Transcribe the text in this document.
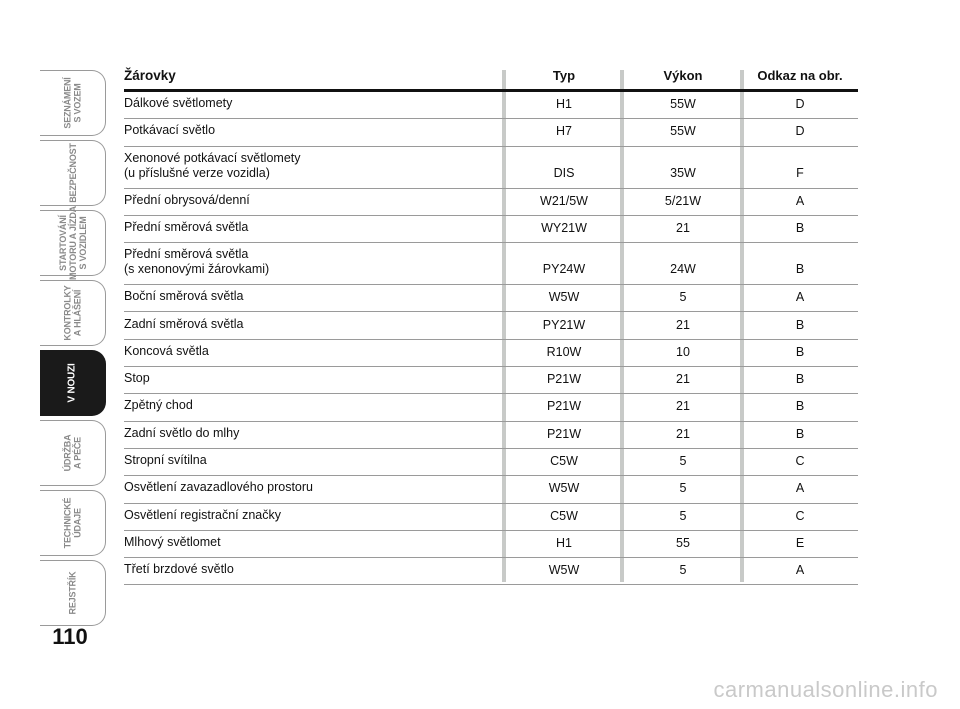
SEZNÁMENÍ
S VOZEM
BEZPEČNOST
STARTOVÁNÍ
MOTORU A JÍZDA
S VOZIDLEM
KONTROLKY
A HLÁŠENÍ
V NOUZI
ÚDRŽBA
A PÉČE
TECHNICKÉ
ÚDAJE
REJSTŘÍK
110
Žárovky	Typ	Výkon	Odkaz na obr.
Dálkové světlomety	H1	55W	D
Potkávací světlo	H7	55W	D
Xenonové potkávací světlomety
(u příslušné verze vozidla)	DIS	35W	F
Přední obrysová/denní	W21/5W	5/21W	A
Přední směrová světla	WY21W	21	B
Přední směrová světla
(s xenonovými žárovkami)	PY24W	24W	B
Boční směrová světla	W5W	5	A
Zadní směrová světla	PY21W	21	B
Koncová světla	R10W	10	B
Stop	P21W	21	B
Zpětný chod	P21W	21	B
Zadní světlo do mlhy	P21W	21	B
Stropní svítilna	C5W	5	C
Osvětlení zavazadlového prostoru	W5W	5	A
Osvětlení registrační značky	C5W	5	C
Mlhový světlomet	H1	55	E
Třetí brzdové světlo	W5W	5	A
carmanualsonline.info
